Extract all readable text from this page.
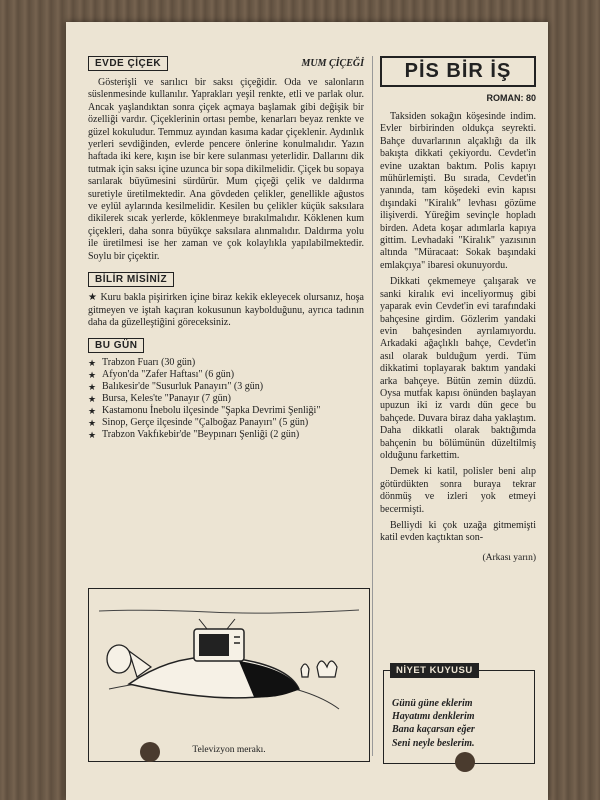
EVDE ÇİÇEK	MUM ÇİÇEĞİ

Gösterişli ve sarılıcı bir saksı çiçeğidir. Oda ve salonların süslenmesinde kullanılır. Yaprakları yeşil renkte, etli ve parlak olur. Ancak yaşlandıktan sonra çiçek açmaya başlamak gibi değişik bir özelliği vardır. Çiçeklerinin ortası pembe, kenarları beyaz renkte ve güzel kokuludur. Temmuz ayından kasıma kadar çiçeklenir. Aydınlık yerleri sevdiğinden, evlerde pencere önlerine konulmalıdır. Yazın haftada iki kere, kışın ise bir kere sulanması yeterlidir. Dallarını dik tutmak için saksı içine uzunca bir sopa dikilmelidir. Çiçek bu sopaya sarılarak büyümesini sürdürür. Mum çiçeği çelik ve daldırma suretiyle üretilmektedir. Ana gövdeden çelikler, genellikle ağustos ve eylül aylarında kesilmelidir. Kesilen bu çelikler küçük saksılara dikilerek sıcak yerlerde, köklenmeye bırakılmalıdır. Köklenen kum çiçekleri, daha sonra büyükçe saksılara alınmalıdır. Daldırma yolu ile üretilmesi ise her zaman ve çok kolaylıkla yapılabilmektedir. Soylu bir çiçektir.

BİLİR MİSİNİZ

★ Kuru bakla pişirirken içine biraz kekik ekleyecek olursanız, hoşa gitmeyen ve iştah kaçıran kokusunun kaybolduğunu, ayrıca tadının daha da güzelleştiğini göreceksiniz.

BU GÜN
★ Trabzon Fuarı (30 gün)
★ Afyon'da "Zafer Haftası" (6 gün)
★ Balıkesir'de "Susurluk Panayırı" (3 gün)
★ Bursa, Keles'te "Panayır (7 gün)
★ Kastamonu İnebolu ilçesinde "Şapka Devrimi Şenliği"
★ Sinop, Gerçe ilçesinde "Çalboğaz Panayırı" (5 gün)
★ Trabzon Vakfıkebir'de "Beypınarı Şenliği (2 gün)
Televizyon merakı.
PİS BİR İŞ
ROMAN: 80

Taksiden sokağın köşesinde indim. Evler birbirinden oldukça seyrekti. Bahçe duvarlarının alçaklığı da ilk bakışta dikkati çekiyordu. Cevdet'in evine uzaktan baktım. Polis kapıyı mühürlemişti. Bu sırada, Cevdet'in yanında, tam köşedeki evin kapısı dışındaki "Kiralık" levhası gözüme ilişiverdi. Yüreğim sevinçle hopladı birden. Adeta koşar adımlarla kapıya gittim. Levhadaki "Kiralık" yazısının altında "Müracaat: Sokak başındaki emlakçıya" ibaresi okunuyordu.

Dikkati çekmemeye çalışarak ve sanki kiralık evi inceliyormuş gibi yaparak evin Cevdet'in evi tarafındaki bahçesine girdim. Gözlerim yandaki evin bahçesinden ayrılamıyordu. Arkadaki ağaçlıklı bahçe, Cevdet'in asıl olarak bulduğum yerdi. Tüm dikkatimi toplayarak baktım yandaki arka bahçeye. Bütün zemin düzdü. Oysa mutfak kapısı önünden başlayan upuzun iki iz vardı dün gece bu bahçede. Duvara biraz daha yaklaştım. Daha dikkatli olarak baktığımda bahçenin bu bölümünün düzeltilmiş olduğunu farkettim.

Demek ki katil, polisler beni alıp götürdükten sonra buraya tekrar dönmüş ve izleri yok etmeyi becermişti.

Belliydi ki çok uzağa gitmemişti katil evden kaçtıktan son-

(Arkası yarın)
NİYET KUYUSU
Günü güne eklerim
Hayatımı denklerim
Bana kaçarsan eğer
Seni neyle beslerim.
